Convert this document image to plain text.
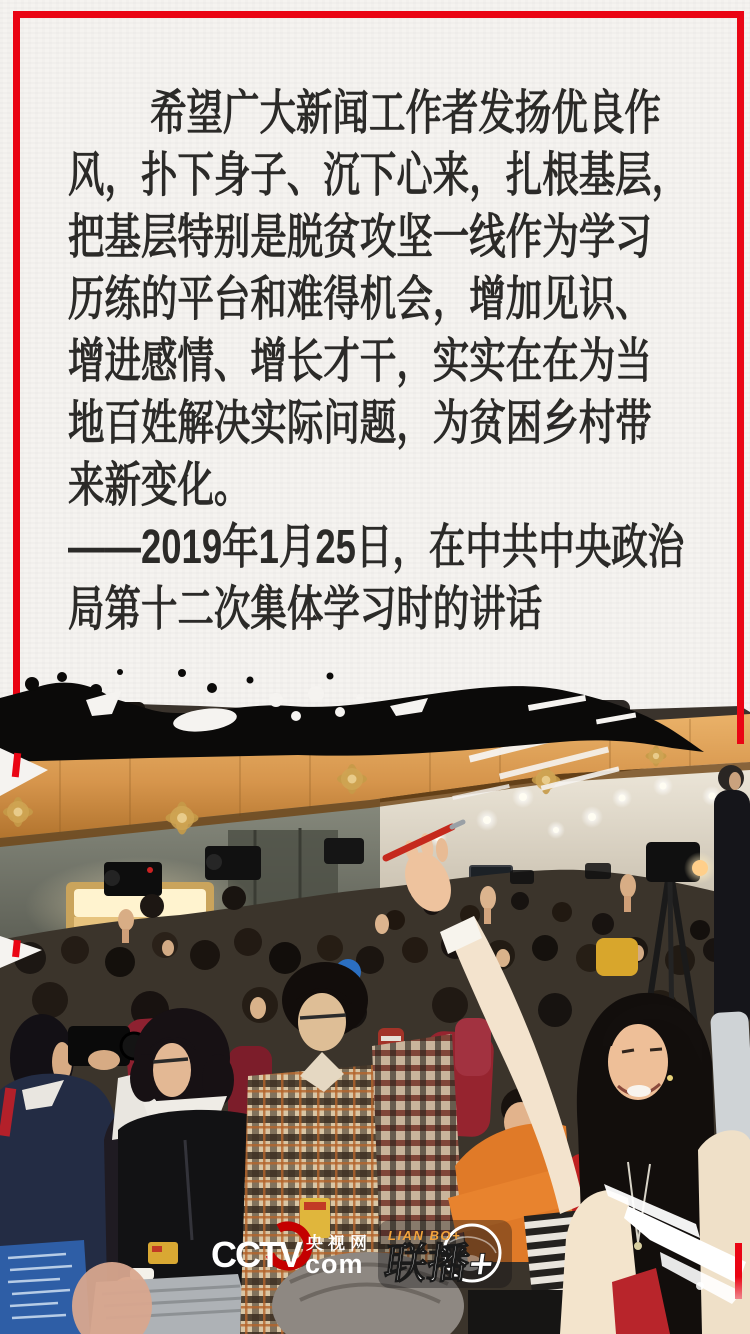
希望广大新闻工作者发扬优良作
风，扑下身子、沉下心来，扎根基层，
把基层特别是脱贫攻坚一线作为学习
历练的平台和难得机会，增加见识、
增进感情、增长才干，实实在在为当
地百姓解决实际问题，为贫困乡村带
来新变化。
——2019年1月25日，在中共中央政治
局第十二次集体学习时的讲话
CCTV 央视网
com
LIAN BO+
联播+
